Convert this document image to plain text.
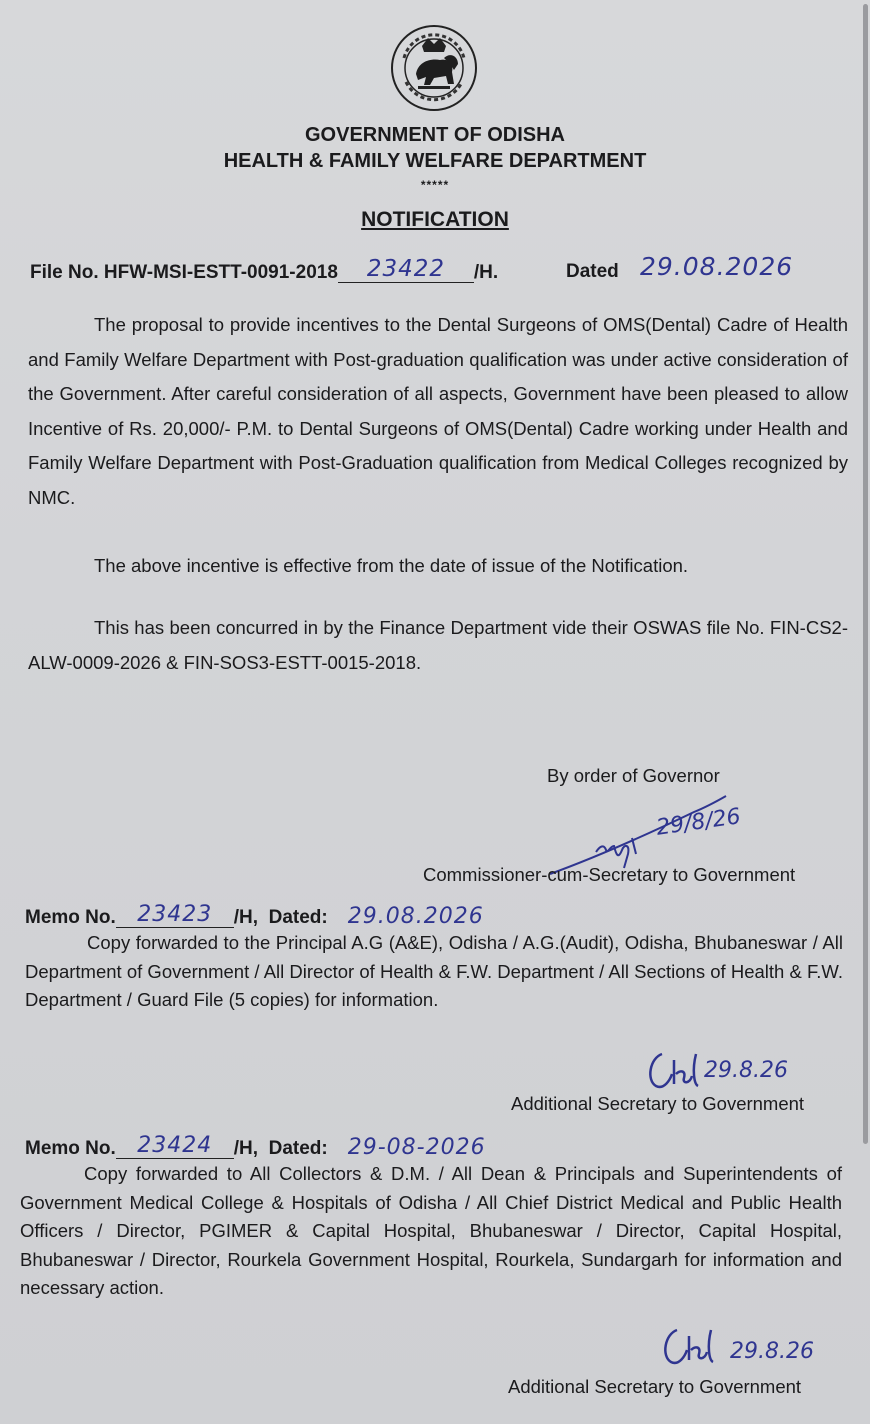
GOVERNMENT OF ODISHA
HEALTH & FAMILY WELFARE DEPARTMENT
*****
NOTIFICATION
File No. HFW-MSI-ESTT-0091-2018 23422 /H.	Dated 29.08.2026
The proposal to provide incentives to the Dental Surgeons of OMS(Dental) Cadre of Health and Family Welfare Department with Post-graduation qualification was under active consideration of the Government. After careful consideration of all aspects, Government have been pleased to allow Incentive of Rs. 20,000/- P.M. to Dental Surgeons of OMS(Dental) Cadre working under Health and Family Welfare Department with Post-Graduation qualification from Medical Colleges recognized by NMC.
The above incentive is effective from the date of issue of the Notification.
This has been concurred in by the Finance Department vide their OSWAS file No. FIN-CS2-ALW-0009-2026 & FIN-SOS3-ESTT-0015-2018.
By order of Governor
29/8/26
Commissioner-cum-Secretary to Government
Memo No. 23423 /H, Dated: 29.08.2026
Copy forwarded to the Principal A.G (A&E), Odisha / A.G.(Audit), Odisha, Bhubaneswar / All Department of Government / All Director of Health & F.W. Department / All Sections of Health & F.W. Department / Guard File (5 copies) for information.
29.8.26
Additional Secretary to Government
Memo No. 23424 /H, Dated: 29-08-2026
Copy forwarded to All Collectors & D.M. / All Dean & Principals and Superintendents of Government Medical College & Hospitals of Odisha / All Chief District Medical and Public Health Officers / Director, PGIMER & Capital Hospital, Bhubaneswar / Director, Capital Hospital, Bhubaneswar / Director, Rourkela Government Hospital, Rourkela, Sundargarh for information and necessary action.
29.8.26
Additional Secretary to Government
